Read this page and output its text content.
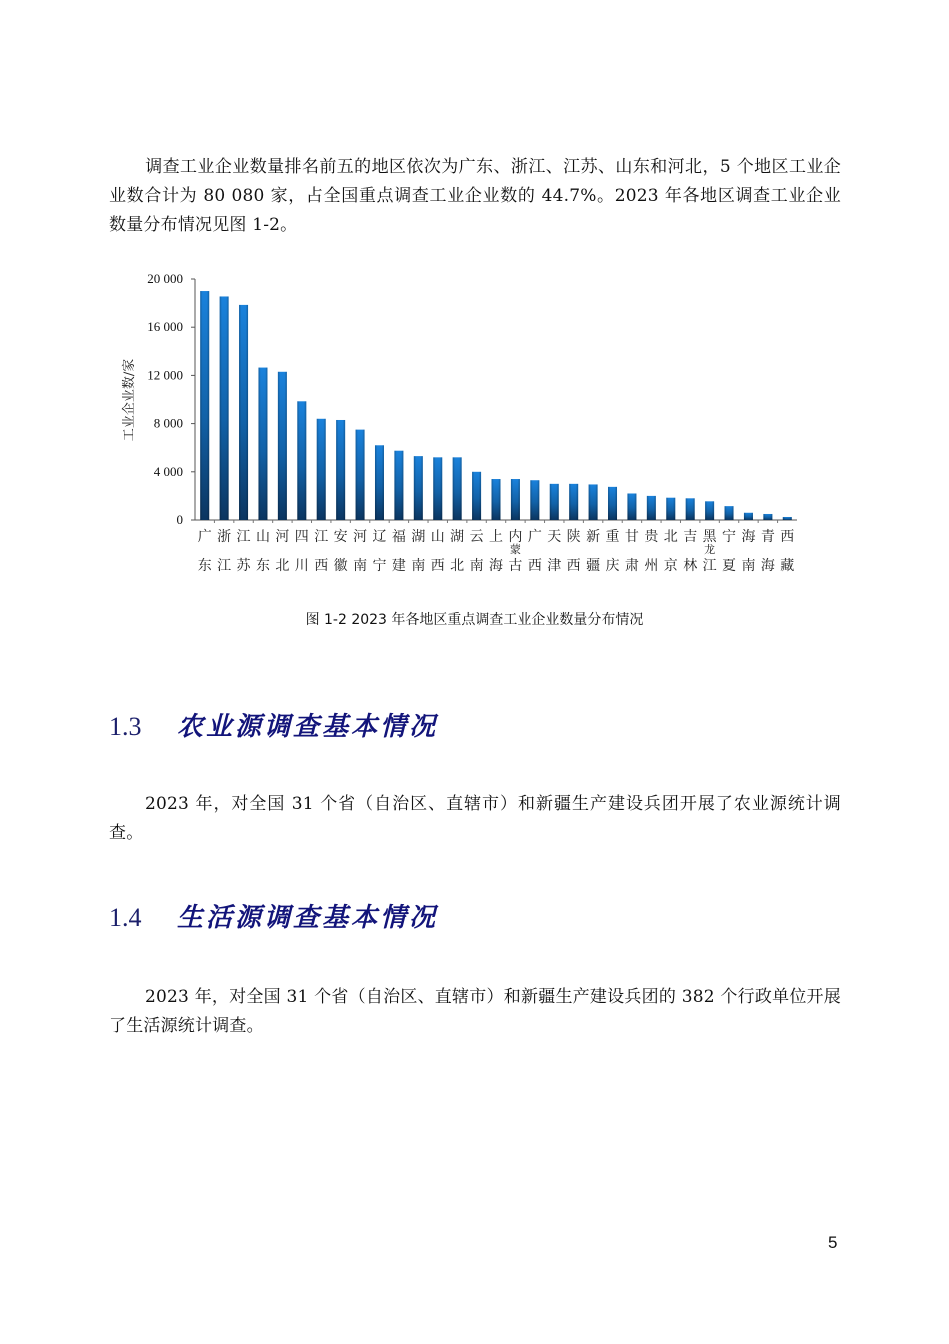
调查工业企业数量排名前五的地区依次为广东、浙江、江苏、山东和河北，5 个地区工业企业数合计为 80 080 家，占全国重点调查工业企业数的 44.7%。2023 年各地区调查工业企业数量分布情况见图 1-2。
0
4 000
8 000
12 000
16 000
20 000
广
东
浙
江
江
苏
山
东
河
北
四
川
江
西
安
徽
河
南
辽
宁
福
建
湖
南
山
西
湖
北
云
南
上
海
内
蒙
古
广
西
天
津
陕
西
新
疆
重
庆
甘
肃
贵
州
北
京
吉
林
黑
龙
江
宁
夏
海
南
青
海
西
藏
工业企业数/家
图 1-2 2023 年各地区重点调查工业企业数量分布情况
1.3 农业源调查基本情况
2023 年，对全国 31 个省（自治区、直辖市）和新疆生产建设兵团开展了农业源统计调查。
1.4 生活源调查基本情况
2023 年，对全国 31 个省（自治区、直辖市）和新疆生产建设兵团的 382 个行政单位开展了生活源统计调查。
5
